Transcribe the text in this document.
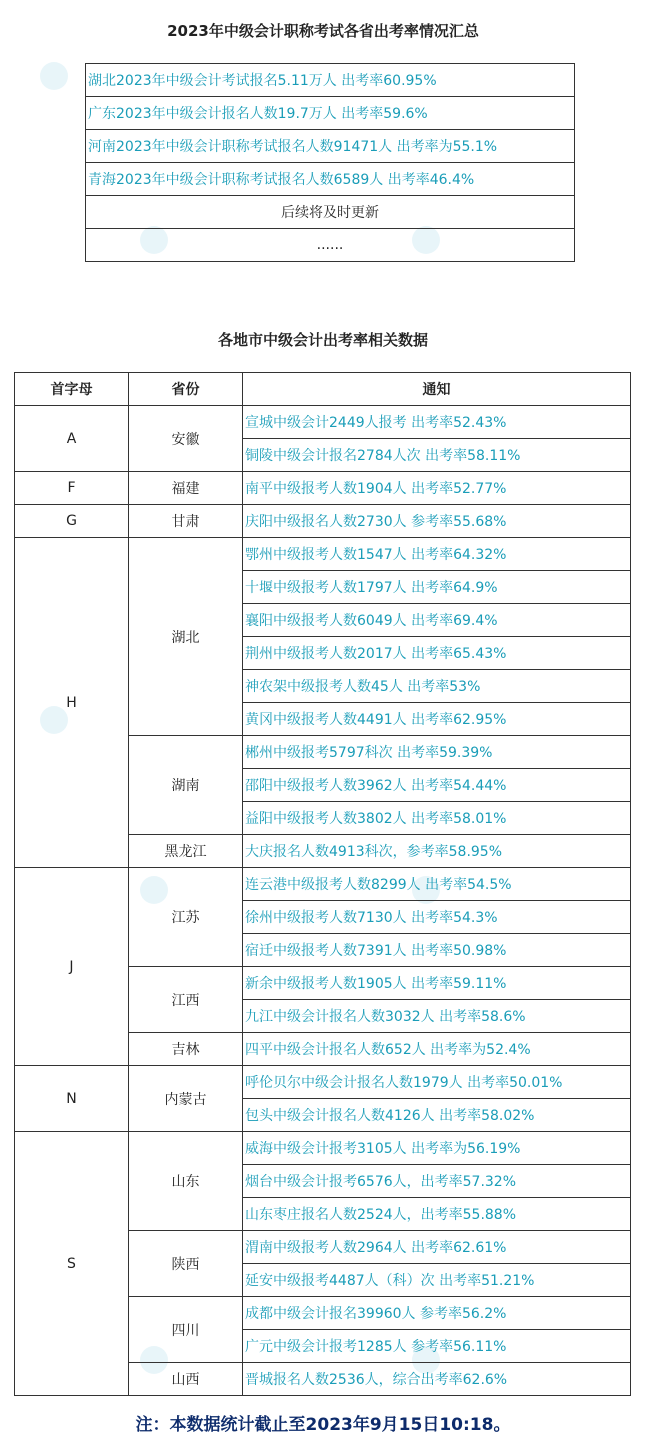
2023年中级会计职称考试各省出考率情况汇总
湖北2023年中级会计考试报名5.11万人 出考率60.95%
广东2023年中级会计报名人数19.7万人 出考率59.6%
河南2023年中级会计职称考试报名人数91471人 出考率为55.1%
青海2023年中级会计职称考试报名人数6589人 出考率46.4%
后续将及时更新
......
各地市中级会计出考率相关数据
首字母	省份	通知
A	安徽	宣城中级会计2449人报考 出考率52.43%
		铜陵中级会计报名2784人次 出考率58.11%
F	福建	南平中级报考人数1904人 出考率52.77%
G	甘肃	庆阳中级报名人数2730人 参考率55.68%
H	湖北	鄂州中级报考人数1547人 出考率64.32%
		十堰中级报考人数1797人 出考率64.9%
		襄阳中级报考人数6049人 出考率69.4%
		荆州中级报考人数2017人 出考率65.43%
		神农架中级报考人数45人 出考率53%
		黄冈中级报考人数4491人 出考率62.95%
	湖南	郴州中级报考5797科次 出考率59.39%
		邵阳中级报考人数3962人 出考率54.44%
		益阳中级报考人数3802人 出考率58.01%
	黑龙江	大庆报名人数4913科次，参考率58.95%
J	江苏	连云港中级报考人数8299人 出考率54.5%
		徐州中级报考人数7130人 出考率54.3%
		宿迁中级报考人数7391人 出考率50.98%
	江西	新余中级报考人数1905人 出考率59.11%
		九江中级会计报名人数3032人 出考率58.6%
	吉林	四平中级会计报名人数652人 出考率为52.4%
N	内蒙古	呼伦贝尔中级会计报名人数1979人 出考率50.01%
		包头中级会计报名人数4126人 出考率58.02%
S	山东	威海中级会计报考3105人 出考率为56.19%
		烟台中级会计报考6576人，出考率57.32%
		山东枣庄报名人数2524人，出考率55.88%
	陕西	渭南中级报考人数2964人 出考率62.61%
		延安中级报考4487人（科）次 出考率51.21%
	四川	成都中级会计报名39960人 参考率56.2%
		广元中级会计报考1285人 参考率56.11%
	山西	晋城报名人数2536人，综合出考率62.6%
注：本数据统计截止至2023年9月15日10:18。
